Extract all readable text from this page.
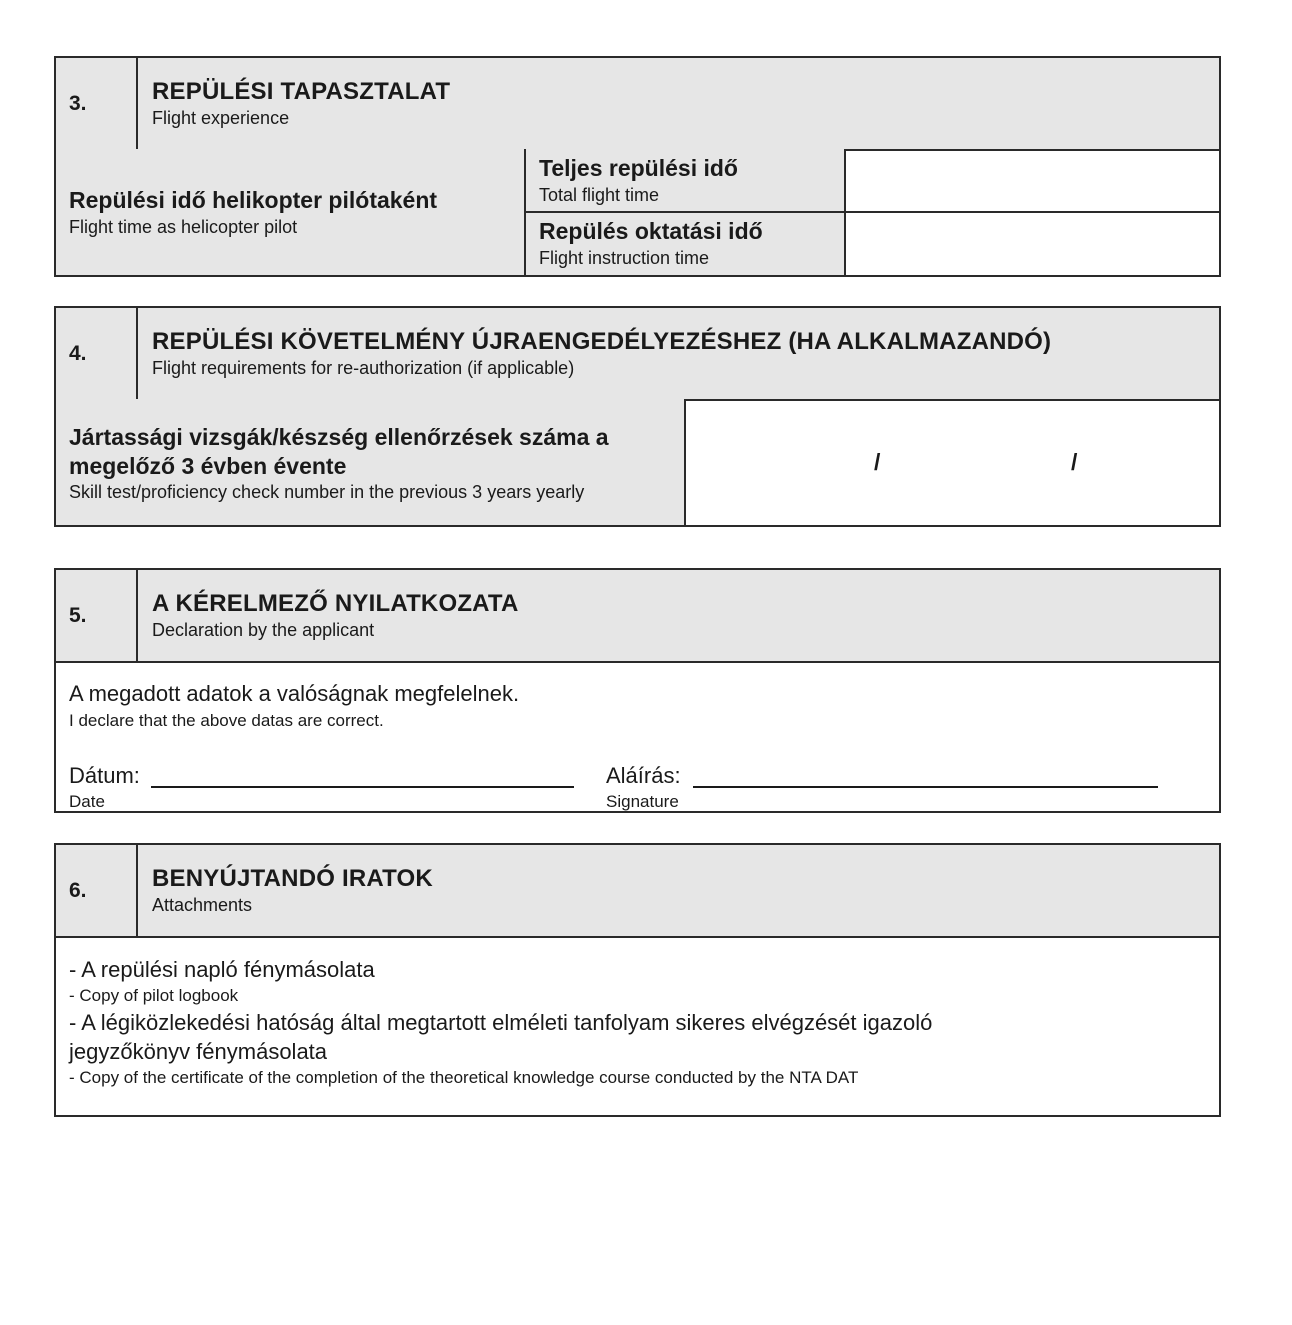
3.	REPÜLÉSI TAPASZTALAT
Flight experience
Repülési idő helikopter pilótaként
Flight time as helicopter pilot
Teljes repülési idő
Total flight time
Repülés oktatási idő
Flight instruction time
4.	REPÜLÉSI KÖVETELMÉNY ÚJRAENGEDÉLYEZÉSHEZ (HA ALKALMAZANDÓ)
Flight requirements for re-authorization (if applicable)
Jártassági vizsgák/készség ellenőrzések száma a
megelőző 3 évben évente
Skill test/proficiency check number in the previous 3 years yearly
/	/
5.	A KÉRELMEZŐ NYILATKOZATA
Declaration by the applicant
A megadott adatok a valóságnak megfelelnek.
I declare that the above datas are correct.
Dátum:
Date
Aláírás:
Signature
6.	BENYÚJTANDÓ IRATOK
Attachments
- A repülési napló fénymásolata
- Copy of pilot logbook
- A légiközlekedési hatóság által megtartott elméleti tanfolyam sikeres elvégzését igazoló
jegyzőkönyv fénymásolata
- Copy of the certificate of the completion of the theoretical knowledge course conducted by the NTA DAT
